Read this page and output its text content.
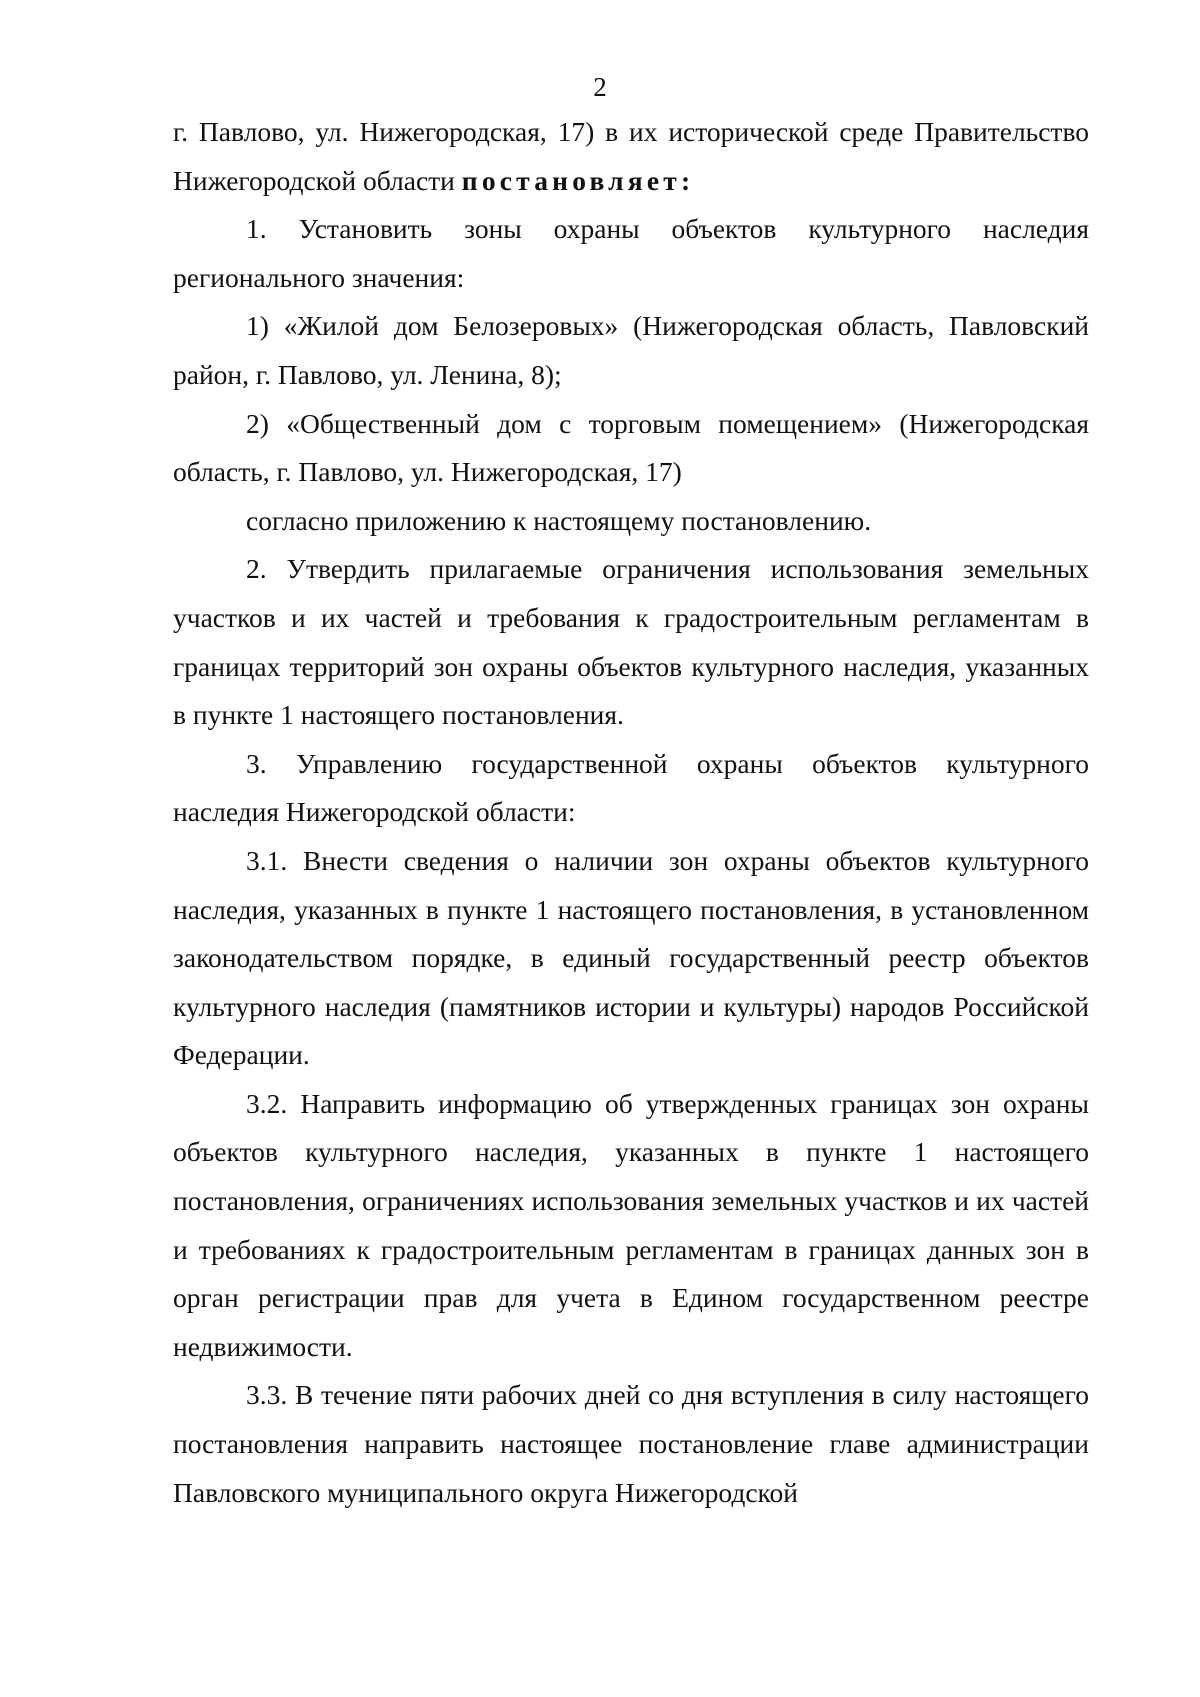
2

г. Павлово, ул. Нижегородская, 17) в их исторической среде Правительство Нижегородской области постановляет:

1. Установить зоны охраны объектов культурного наследия регионального значения:

1) «Жилой дом Белозеровых» (Нижегородская область, Павловский район, г. Павлово, ул. Ленина, 8);

2) «Общественный дом с торговым помещением» (Нижегородская область, г. Павлово, ул. Нижегородская, 17)

согласно приложению к настоящему постановлению.

2. Утвердить прилагаемые ограничения использования земельных участков и их частей и требования к градостроительным регламентам в границах территорий зон охраны объектов культурного наследия, указанных в пункте 1 настоящего постановления.

3. Управлению государственной охраны объектов культурного наследия Нижегородской области:

3.1. Внести сведения о наличии зон охраны объектов культурного наследия, указанных в пункте 1 настоящего постановления, в установленном законодательством порядке, в единый государственный реестр объектов культурного наследия (памятников истории и культуры) народов Российской Федерации.

3.2. Направить информацию об утвержденных границах зон охраны объектов культурного наследия, указанных в пункте 1 настоящего постановления, ограничениях использования земельных участков и их частей и требованиях к градостроительным регламентам в границах данных зон в орган регистрации прав для учета в Едином государственном реестре недвижимости.

3.3. В течение пяти рабочих дней со дня вступления в силу настоящего постановления направить настоящее постановление главе администрации Павловского муниципального округа Нижегородской
